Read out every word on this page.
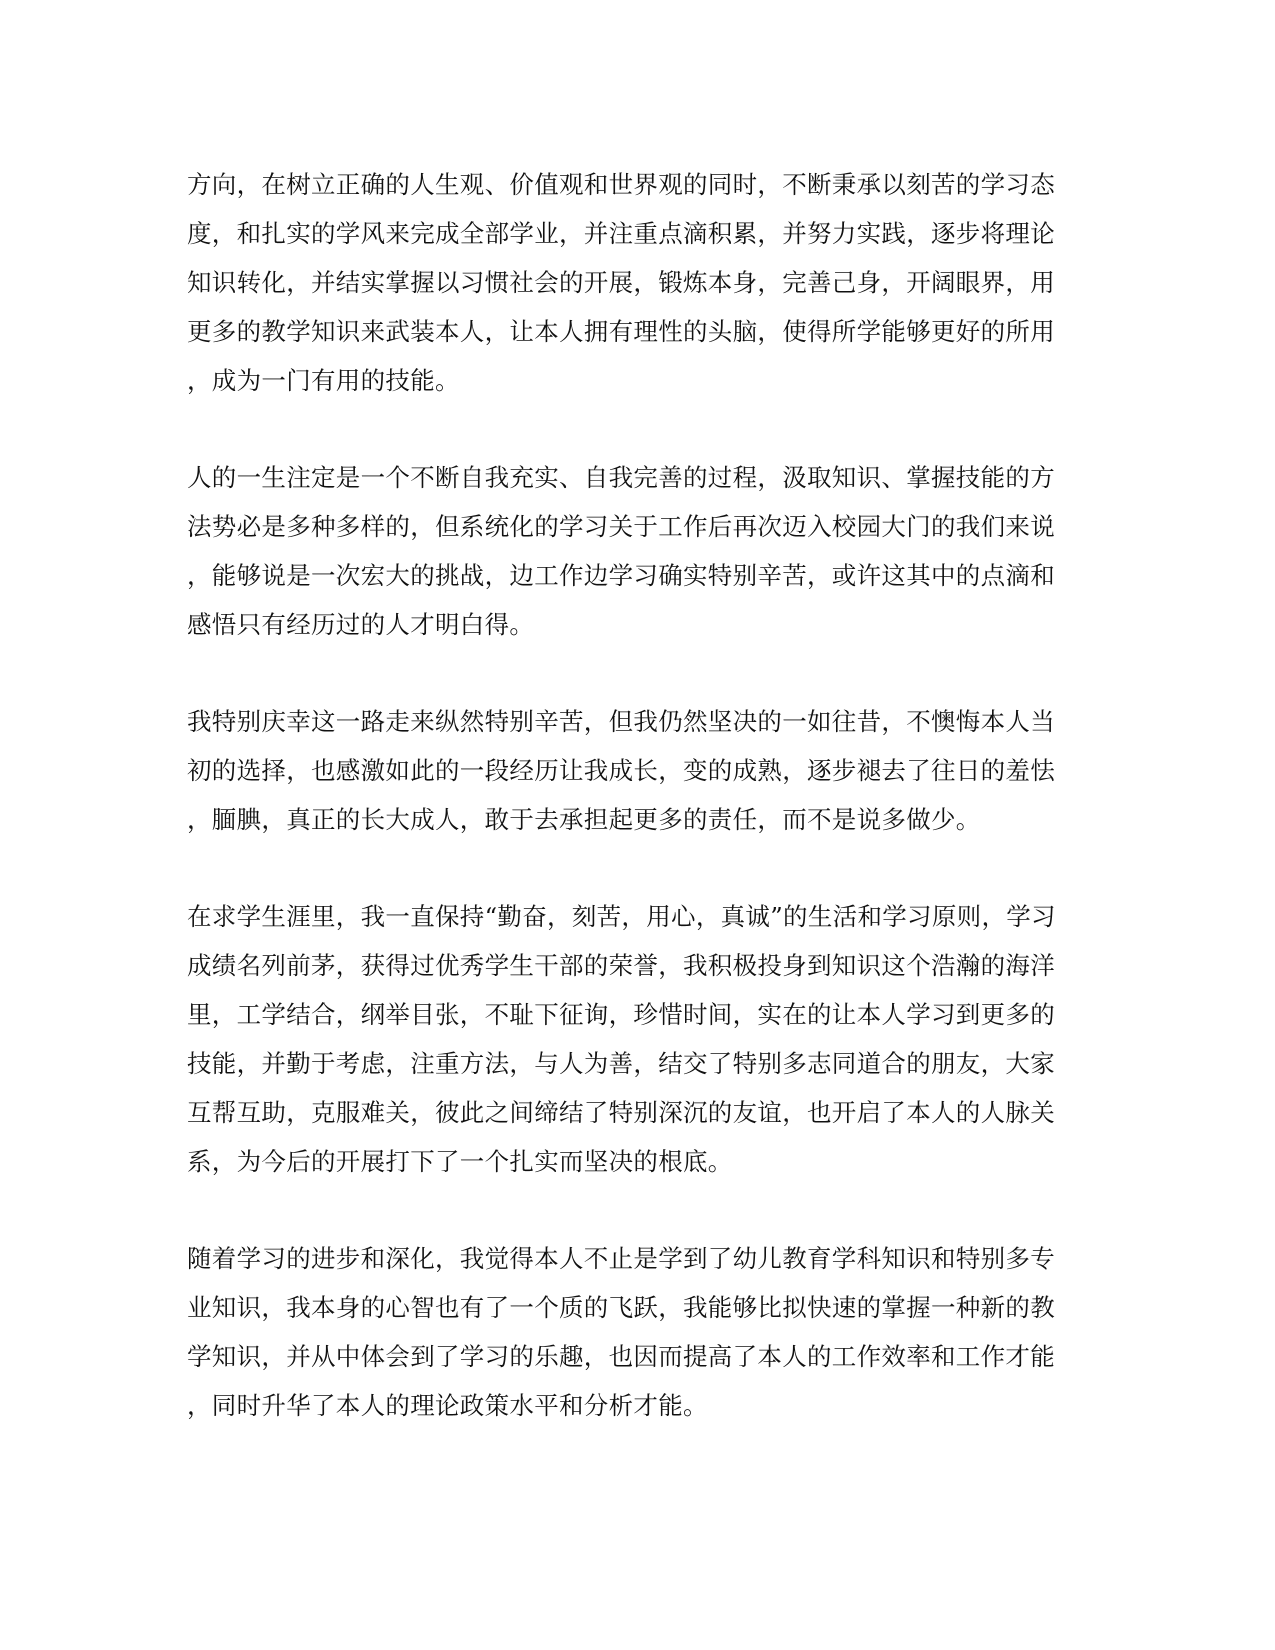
方向，在树立正确的人生观、价值观和世界观的同时，不断秉承以刻苦的学习态
度，和扎实的学风来完成全部学业，并注重点滴积累，并努力实践，逐步将理论
知识转化，并结实掌握以习惯社会的开展，锻炼本身，完善己身，开阔眼界，用
更多的教学知识来武装本人，让本人拥有理性的头脑，使得所学能够更好的所用
，成为一门有用的技能。

人的一生注定是一个不断自我充实、自我完善的过程，汲取知识、掌握技能的方
法势必是多种多样的，但系统化的学习关于工作后再次迈入校园大门的我们来说
，能够说是一次宏大的挑战，边工作边学习确实特别辛苦，或许这其中的点滴和
感悟只有经历过的人才明白得。

我特别庆幸这一路走来纵然特别辛苦，但我仍然坚决的一如往昔，不懊悔本人当
初的选择，也感激如此的一段经历让我成长，变的成熟，逐步褪去了往日的羞怯
，腼腆，真正的长大成人，敢于去承担起更多的责任，而不是说多做少。

在求学生涯里，我一直保持“勤奋，刻苦，用心，真诚”的生活和学习原则，学习
成绩名列前茅，获得过优秀学生干部的荣誉，我积极投身到知识这个浩瀚的海洋
里，工学结合，纲举目张，不耻下征询，珍惜时间，实在的让本人学习到更多的
技能，并勤于考虑，注重方法，与人为善，结交了特别多志同道合的朋友，大家
互帮互助，克服难关，彼此之间缔结了特别深沉的友谊，也开启了本人的人脉关
系，为今后的开展打下了一个扎实而坚决的根底。

随着学习的进步和深化，我觉得本人不止是学到了幼儿教育学科知识和特别多专
业知识，我本身的心智也有了一个质的飞跃，我能够比拟快速的掌握一种新的教
学知识，并从中体会到了学习的乐趣，也因而提高了本人的工作效率和工作才能
，同时升华了本人的理论政策水平和分析才能。
